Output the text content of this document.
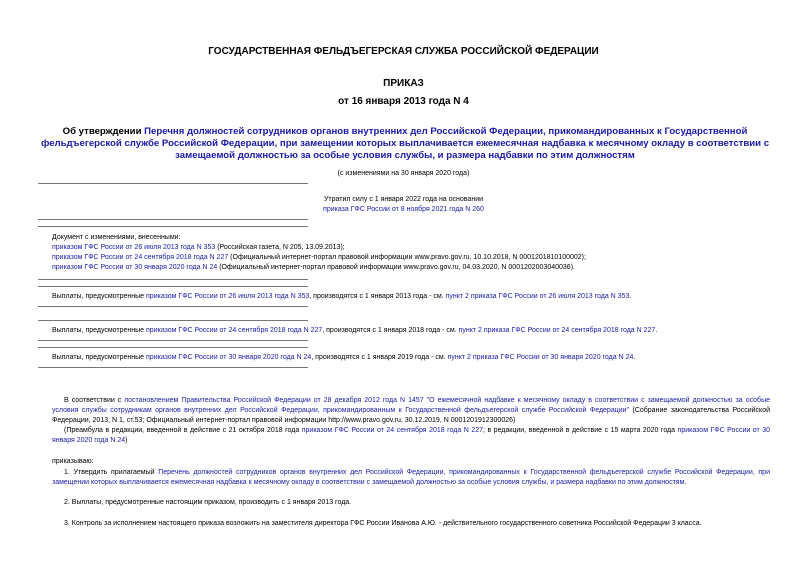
ГОСУДАРСТВЕННАЯ ФЕЛЬДЪЕГЕРСКАЯ СЛУЖБА РОССИЙСКОЙ ФЕДЕРАЦИИ
ПРИКАЗ
от 16 января 2013 года N 4
Об утверждении Перечня должностей сотрудников органов внутренних дел Российской Федерации, прикомандированных к Государственной фельдъегерской службе Российской Федерации, при замещении которых выплачивается ежемесячная надбавка к месячному окладу в соответствии с замещаемой должностью за особые условия службы, и размера надбавки по этим должностям
(с изменениями на 30 января 2020 года)
Утратил силу с 1 января 2022 года на основании
приказа ГФС России от 8 ноября 2021 года N 260
Документ с изменениями, внесенными:
приказом ГФС России от 26 июля 2013 года N 353 (Российская газета, N 205, 13.09.2013);
приказом ГФС России от 24 сентября 2018 года N 227 (Официальный интернет-портал правовой информации www.pravo.gov.ru, 10.10.2018, N 0001201810100002);
приказом ГФС России от 30 января 2020 года N 24 (Официальный интернет-портал правовой информации www.pravo.gov.ru, 04.03.2020, N 0001202003040036).
Выплаты, предусмотренные приказом ГФС России от 26 июля 2013 года N 353, производятся с 1 января 2013 года - см. пункт 2 приказа ГФС России от 26 июля 2013 года N 353.
Выплаты, предусмотренные приказом ГФС России от 24 сентября 2018 года N 227, производятся с 1 января 2018 года - см. пункт 2 приказа ГФС России от 24 сентября 2018 года N 227.
Выплаты, предусмотренные приказом ГФС России от 30 января 2020 года N 24, производятся с 1 января 2019 года - см. пункт 2 приказа ГФС России от 30 января 2020 года N 24.
В соответствии с постановлением Правительства Российской Федерации от 28 декабря 2012 года N 1457 "О ежемесячной надбавке к месячному окладу в соответствии с замещаемой должностью за особые условия службы сотрудникам органов внутренних дел Российской Федерации, прикомандированным к Государственной фельдъегерской службе Российской Федерации" (Собрание законодательства Российской Федерации, 2013, N 1, ст.53; Официальный интернет-портал правовой информации http://www.pravo.gov.ru, 30.12.2019, N 0001201912300026)
(Преамбула в редакции, введенной в действие с 21 октября 2018 года приказом ГФС России от 24 сентября 2018 года N 227; в редакции, введенной в действие с 15 марта 2020 года приказом ГФС России от 30 января 2020 года N 24)
приказываю:
1. Утвердить прилагаемый Перечень должностей сотрудников органов внутренних дел Российской Федерации, прикомандированных к Государственной фельдъегерской службе Российской Федерации, при замещении которых выплачивается ежемесячная надбавка к месячному окладу в соответствии с замещаемой должностью за особые условия службы, и размера надбавки по этим должностям.
2. Выплаты, предусмотренные настоящим приказом, производить с 1 января 2013 года.
3. Контроль за исполнением настоящего приказа возложить на заместителя директора ГФС России Иванова А.Ю. - действительного государственного советника Российской Федерации 3 класса.
